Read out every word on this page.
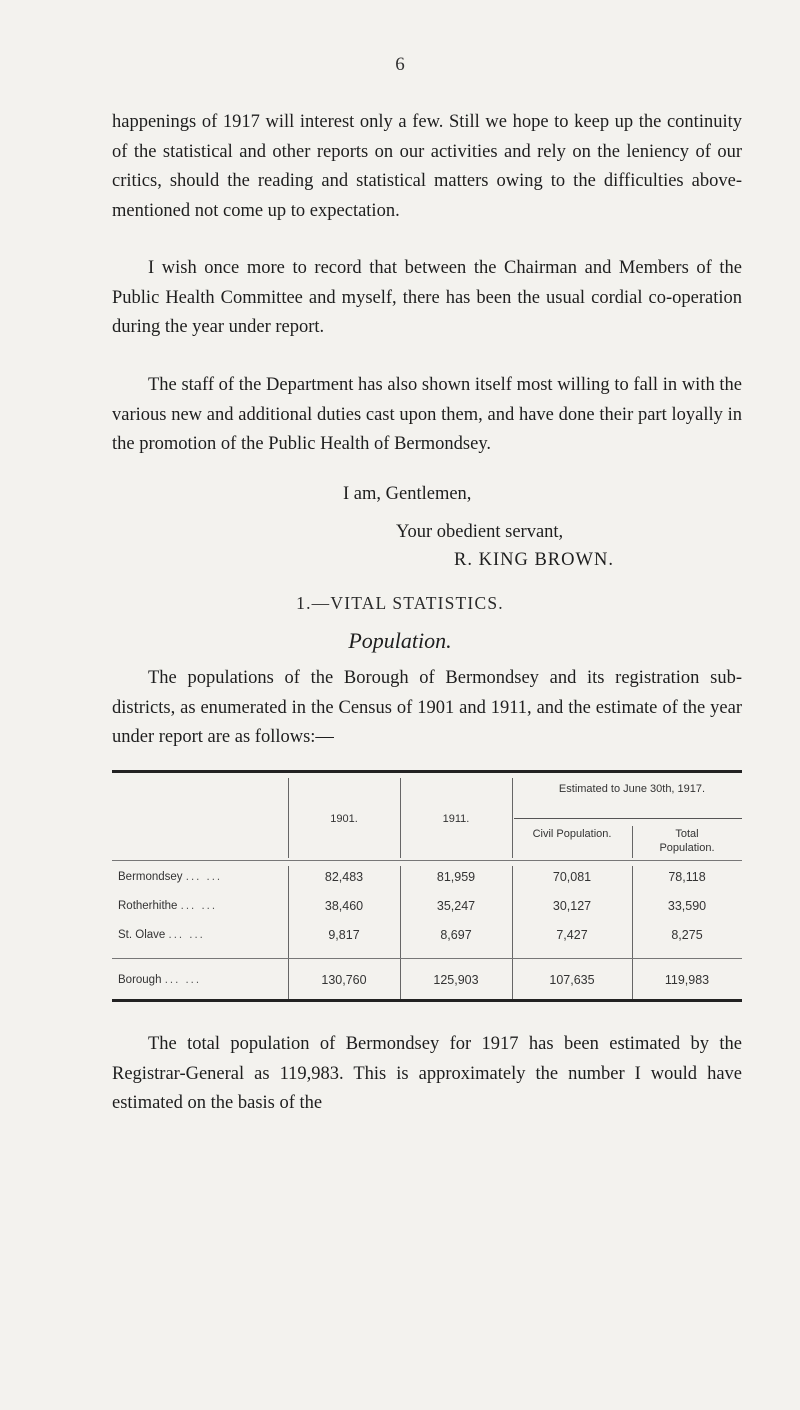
6

happenings of 1917 will interest only a few. Still we hope to keep up the continuity of the statistical and other reports on our activities and rely on the leniency of our critics, should the reading and statistical matters owing to the difficulties above-mentioned not come up to expectation.

I wish once more to record that between the Chairman and Members of the Public Health Committee and myself, there has been the usual cordial co-operation during the year under report.

The staff of the Department has also shown itself most willing to fall in with the various new and additional duties cast upon them, and have done their part loyally in the promotion of the Public Health of Bermondsey.

I am, Gentlemen,
Your obedient servant,
R. KING BROWN.
1.—VITAL STATISTICS.
Population.

The populations of the Borough of Bermondsey and its registration sub-districts, as enumerated in the Census of 1901 and 1911, and the estimate of the year under report are as follows:—

1901.	1911.
Estimated to June 30th, 1917.
Civil Population.	Total Population.
Bermondsey ... ...	82,483	81,959	70,081	78,118
Rotherhithe ... ...	38,460	35,247	30,127	33,590
St. Olave ... ...	9,817	8,697	7,427	8,275
Borough ... ...	130,760	125,903	107,635	119,983

The total population of Bermondsey for 1917 has been estimated by the Registrar-General as 119,983. This is approximately the number I would have estimated on the basis of the
